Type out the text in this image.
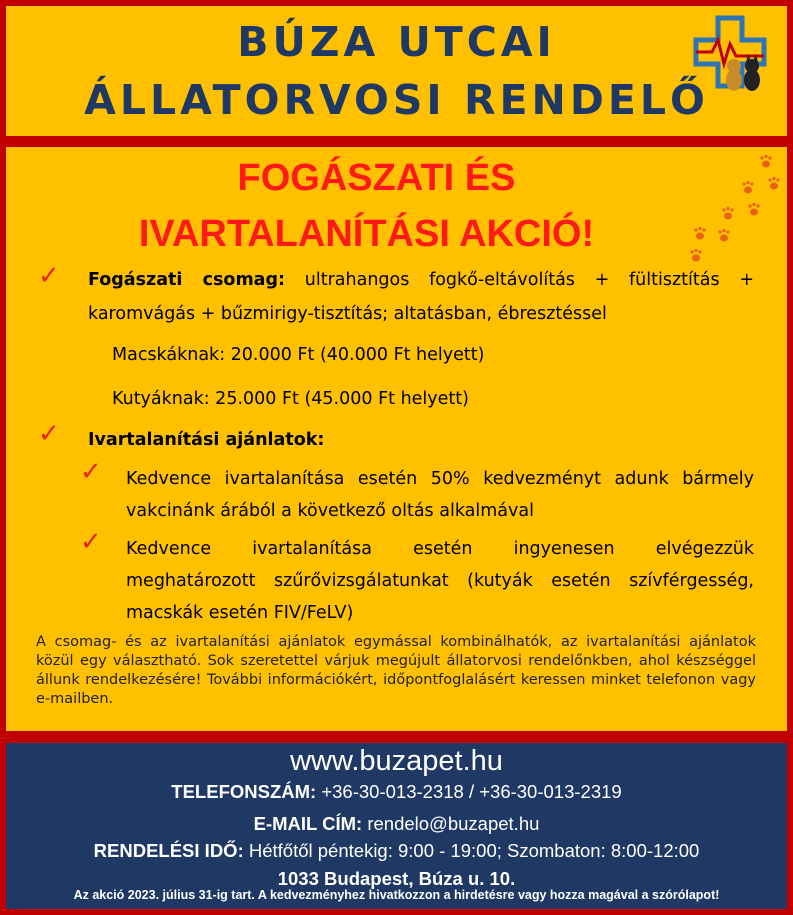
BÚZA UTCAI
ÁLLATORVOSI RENDELŐ
FOGÁSZATI ÉS
IVARTALANÍTÁSI AKCIÓ!
✓ Fogászati csomag: ultrahangos fogkő-eltávolítás + fültisztítás +
karomvágás + bűzmirigy-tisztítás; altatásban, ébresztéssel
Macskáknak: 20.000 Ft (40.000 Ft helyett)
Kutyáknak: 25.000 Ft (45.000 Ft helyett)
✓ Ivartalanítási ajánlatok:
✓ Kedvence ivartalanítása esetén 50% kedvezményt adunk bármely
vakcinánk árából a következő oltás alkalmával
✓ Kedvence ivartalanítása esetén ingyenesen elvégezzük
meghatározott szűrővizsgálatunkat (kutyák esetén szívférgesség,
macskák esetén FIV/FeLV)
A csomag- és az ivartalanítási ajánlatok egymással kombinálhatók, az ivartalanítási ajánlatok közül egy választható. Sok szeretettel várjuk megújult állatorvosi rendelőnkben, ahol készséggel állunk rendelkezésére! További információkért, időpontfoglalásért keressen minket telefonon vagy e-mailben.
www.buzapet.hu
TELEFONSZÁM: +36-30-013-2318 / +36-30-013-2319
E-MAIL CÍM: rendelo@buzapet.hu
RENDELÉSI IDŐ: Hétfőtől péntekig: 9:00 - 19:00; Szombaton: 8:00-12:00
1033 Budapest, Búza u. 10.
Az akció 2023. július 31-ig tart. A kedvezményhez hivatkozzon a hirdetésre vagy hozza magával a szórólapot!
